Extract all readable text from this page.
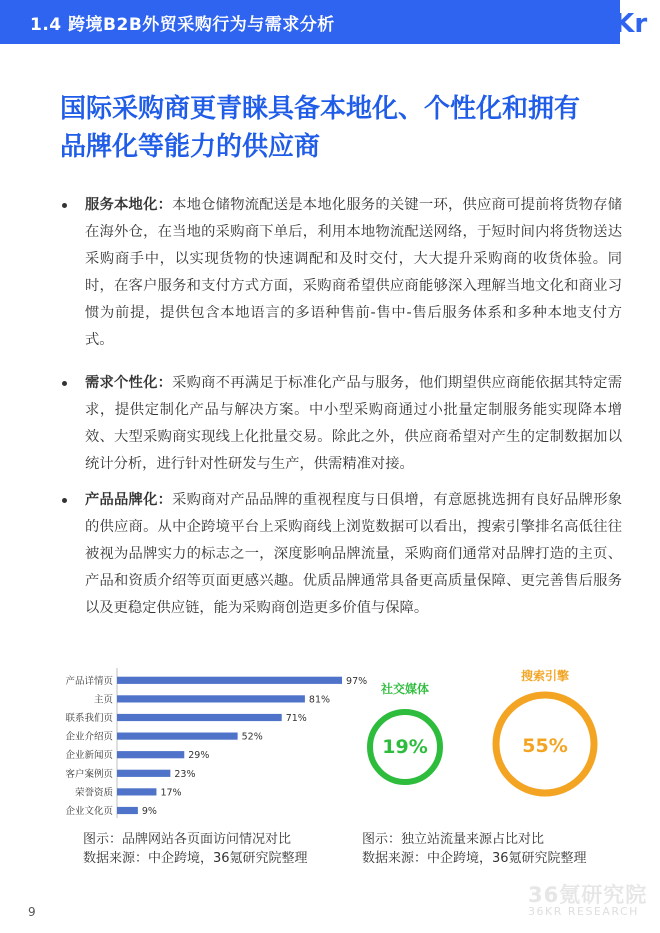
1.4 跨境B2B外贸采购行为与需求分析	36Kr
国际采购商更青睐具备本地化、个性化和拥有
品牌化等能力的供应商

服务本地化：本地仓储物流配送是本地化服务的关键一环，供应商可提前将货物存储在海外仓，在当地的采购商下单后，利用本地物流配送网络，于短时间内将货物送达采购商手中，以实现货物的快速调配和及时交付，大大提升采购商的收货体验。同时，在客户服务和支付方式方面，采购商希望供应商能够深入理解当地文化和商业习惯为前提，提供包含本地语言的多语种售前-售中-售后服务体系和多种本地支付方式。

需求个性化：采购商不再满足于标准化产品与服务，他们期望供应商能依据其特定需求，提供定制化产品与解决方案。中小型采购商通过小批量定制服务能实现降本增效、大型采购商实现线上化批量交易。除此之外，供应商希望对产生的定制数据加以统计分析，进行针对性研发与生产，供需精准对接。

产品品牌化：采购商对产品品牌的重视程度与日俱增，有意愿挑选拥有良好品牌形象的供应商。从中企跨境平台上采购商线上浏览数据可以看出，搜索引擎排名高低往往被视为品牌实力的标志之一，深度影响品牌流量，采购商们通常对品牌打造的主页、产品和资质介绍等页面更感兴趣。优质品牌通常具备更高质量保障、更完善售后服务以及更稳定供应链，能为采购商创造更多价值与保障。

产品详情页	97%
主页	81%
联系我们页	71%
企业介绍页	52%
企业新闻页	29%
客户案例页	23%
荣誉资质	17%
企业文化页	9%
社交媒体
19%
搜索引擎
55%
图示：品牌网站各页面访问情况对比
数据来源：中企跨境，36氪研究院整理
图示：独立站流量来源占比对比
数据来源：中企跨境，36氪研究院整理
36氪研究院
36KR RESEARCH
9
